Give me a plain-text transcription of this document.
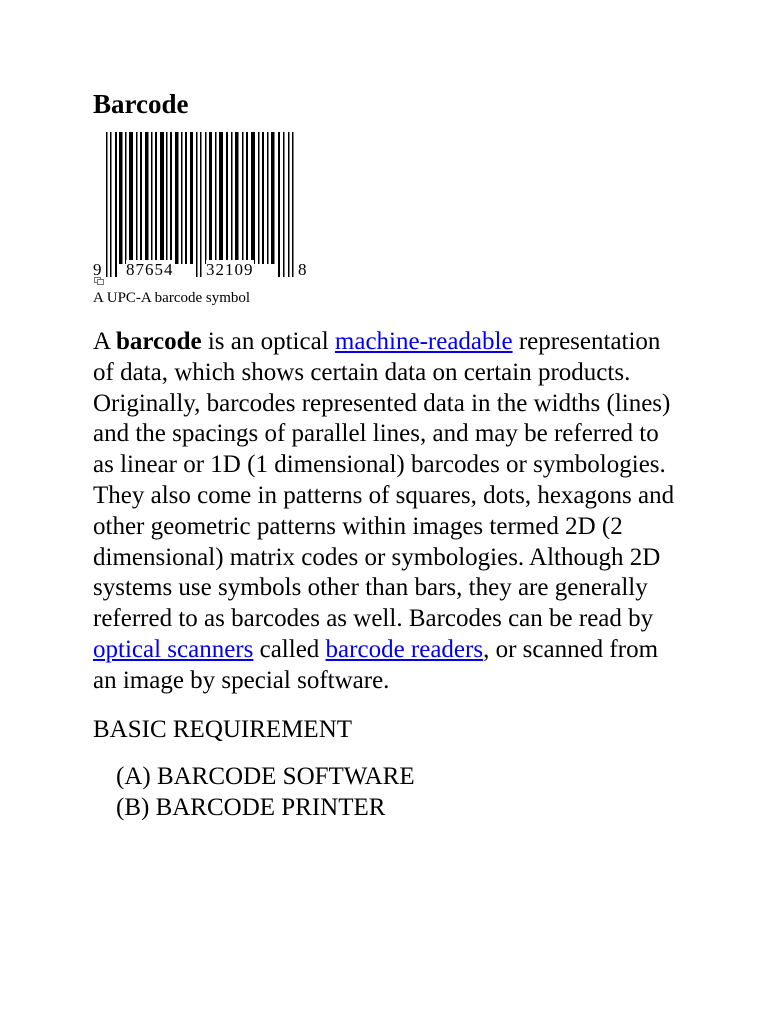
Barcode
9 87654 32109	8
A UPC-A barcode symbol

A barcode is an optical machine-readable representation of data, which shows certain data on certain products. Originally, barcodes represented data in the widths (lines) and the spacings of parallel lines, and may be referred to as linear or 1D (1 dimensional) barcodes or symbologies. They also come in patterns of squares, dots, hexagons and other geometric patterns within images termed 2D (2 dimensional) matrix codes or symbologies. Although 2D systems use symbols other than bars, they are generally referred to as barcodes as well. Barcodes can be read by optical scanners called barcode readers, or scanned from an image by special software.

BASIC REQUIREMENT
(A) BARCODE SOFTWARE
(B) BARCODE PRINTER
